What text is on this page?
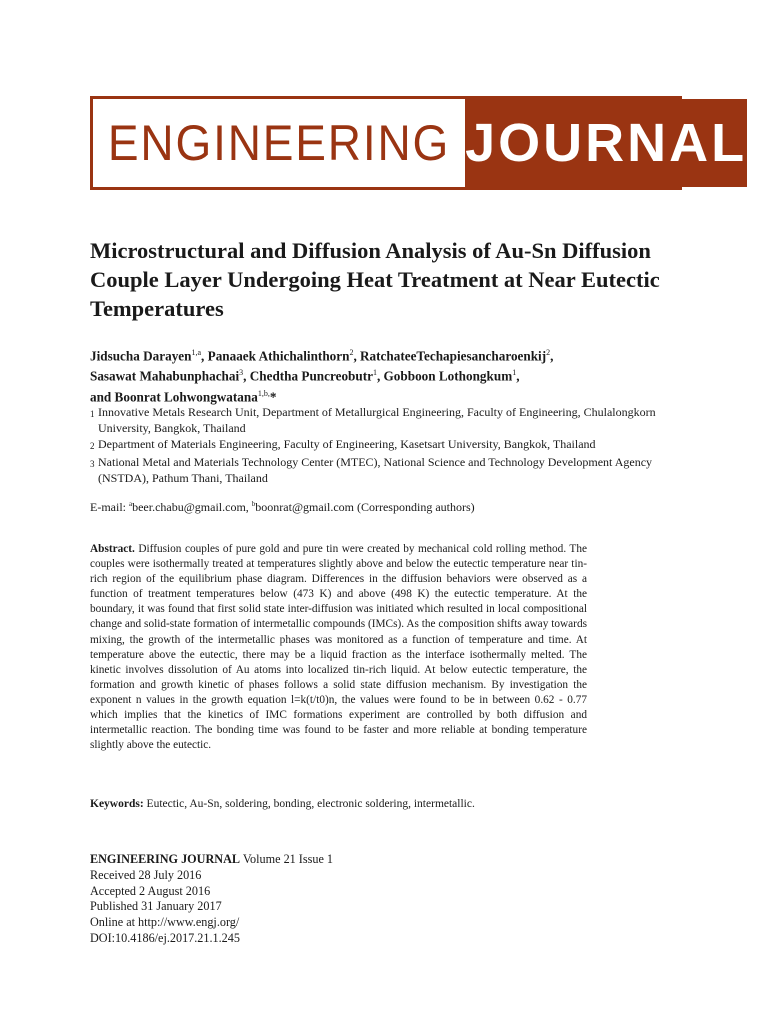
ENGINEERING JOURNAL
Microstructural and Diffusion Analysis of Au-Sn Diffusion Couple Layer Undergoing Heat Treatment at Near Eutectic Temperatures

Jidsucha Darayen$^{1,a}$, Panaaek Athichalinthorn$^2$, RatchateeTechapiesancharoenkij$^2$,
Sasawat Mahabunphachai$^3$, Chedtha Puncreobutr$^1$, Gobboon Lothongkum$^1$,
and Boonrat Lohwongwatana$^{1,b,}$*

1 Innovative Metals Research Unit, Department of Metallurgical Engineering, Faculty of Engineering, Chulalongkorn University, Bangkok, Thailand

2 Department of Materials Engineering, Faculty of Engineering, Kasetsart University, Bangkok, Thailand

3 National Metal and Materials Technology Center (MTEC), National Science and Technology Development Agency (NSTDA), Pathum Thani, Thailand

E-mail: $^a$beer.chabu@gmail.com, $^b$boonrat@gmail.com (Corresponding authors)

Abstract. Diffusion couples of pure gold and pure tin were created by mechanical cold rolling method. The couples were isothermally treated at temperatures slightly above and below the eutectic temperature near tin-rich region of the equilibrium phase diagram. Differences in the diffusion behaviors were observed as a function of treatment temperatures below (473 K) and above (498 K) the eutectic temperature. At the boundary, it was found that first solid state inter-diffusion was initiated which resulted in local compositional change and solid-state formation of intermetallic compounds (IMCs). As the composition shifts away towards mixing, the growth of the intermetallic phases was monitored as a function of temperature and time. At temperature above the eutectic, there may be a liquid fraction as the interface isothermally melted. The kinetic involves dissolution of Au atoms into localized tin-rich liquid. At below eutectic temperature, the formation and growth kinetic of phases follows a solid state diffusion mechanism. By investigation the exponent n values in the growth equation l=k(t/t0)n, the values were found to be in between 0.62 - 0.77 which implies that the kinetics of IMC formations experiment are controlled by both diffusion and intermetallic reaction. The bonding time was found to be faster and more reliable at bonding temperature slightly above the eutectic.

Keywords: Eutectic, Au-Sn, soldering, bonding, electronic soldering, intermetallic.

ENGINEERING JOURNAL Volume 21 Issue 1
Received 28 July 2016
Accepted 2 August 2016
Published 31 January 2017
Online at http://www.engj.org/
DOI:10.4186/ej.2017.21.1.245
